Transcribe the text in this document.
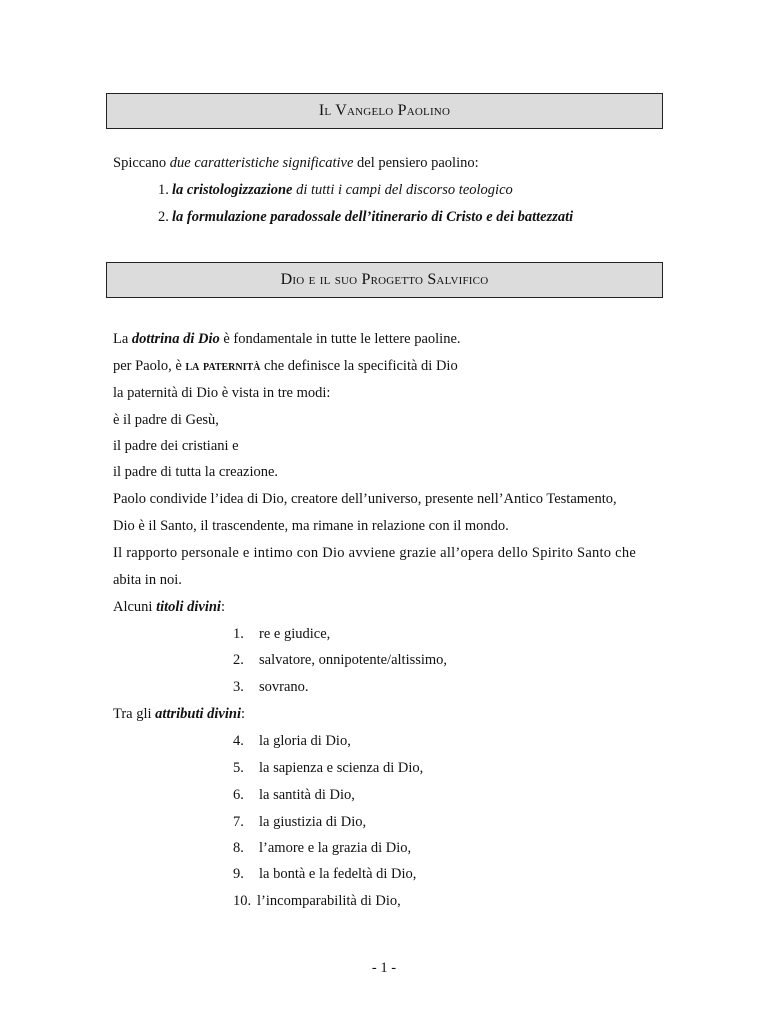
Il Vangelo Paolino
Spiccano due caratteristiche significative del pensiero paolino:
1. la cristologizzazione di tutti i campi del discorso teologico
2. la formulazione paradossale dell’itinerario di Cristo e dei battezzati
Dio e il suo Progetto Salvifico
La dottrina di Dio è fondamentale in tutte le lettere paoline.
per Paolo, è la paternità che definisce la specificità di Dio
la paternità di Dio è vista in tre modi:
è il padre di Gesù,
il padre dei cristiani e
il padre di tutta la creazione.
Paolo condivide l’idea di Dio, creatore dell’universo, presente nell’Antico Testamento,
Dio è il Santo, il trascendente, ma rimane in relazione con il mondo.
Il rapporto personale e intimo con Dio avviene grazie all’opera dello Spirito Santo che
abita in noi.
Alcuni titoli divini:
1. re e giudice,
2. salvatore, onnipotente/altissimo,
3. sovrano.
Tra gli attributi divini:
4. la gloria di Dio,
5. la sapienza e scienza di Dio,
6. la santità di Dio,
7. la giustizia di Dio,
8. l’amore e la grazia di Dio,
9. la bontà e la fedeltà di Dio,
10. l’incomparabilità di Dio,
- 1 -
